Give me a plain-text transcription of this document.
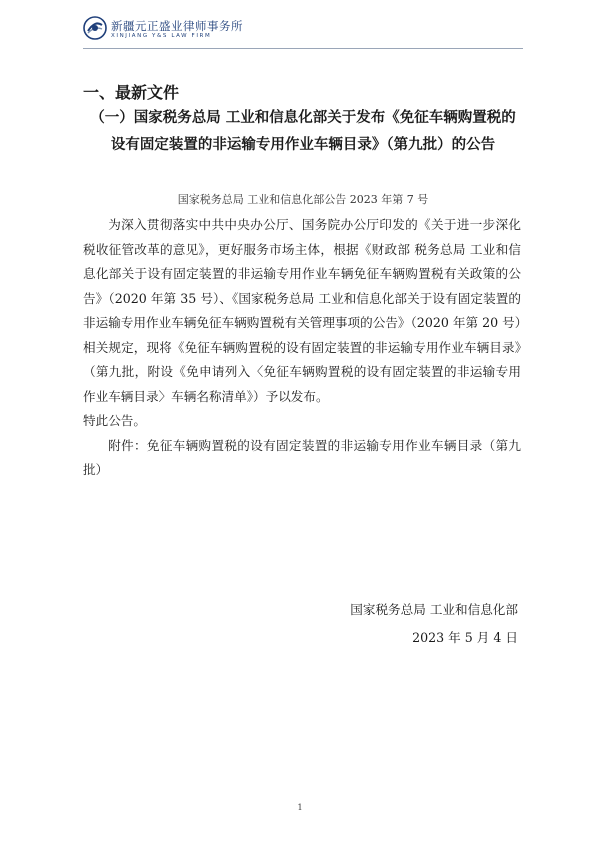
新疆元正盛业律师事务所
XINJIANG Y&S LAW FIRM
一、最新文件
（一）国家税务总局 工业和信息化部关于发布《免征车辆购置税的设有固定装置的非运输专用作业车辆目录》（第九批）的公告
国家税务总局 工业和信息化部公告 2023 年第 7 号

为深入贯彻落实中共中央办公厅、国务院办公厅印发的《关于进一步深化税收征管改革的意见》，更好服务市场主体，根据《财政部 税务总局 工业和信息化部关于设有固定装置的非运输专用作业车辆免征车辆购置税有关政策的公告》（2020 年第 35 号）、《国家税务总局 工业和信息化部关于设有固定装置的非运输专用作业车辆免征车辆购置税有关管理事项的公告》（2020 年第 20 号）相关规定，现将《免征车辆购置税的设有固定装置的非运输专用作业车辆目录》（第九批，附设《免申请列入〈免征车辆购置税的设有固定装置的非运输专用作业车辆目录〉车辆名称清单》）予以发布。

特此公告。

附件：免征车辆购置税的设有固定装置的非运输专用作业车辆目录（第九批）

国家税务总局 工业和信息化部
2023 年 5 月 4 日
1
